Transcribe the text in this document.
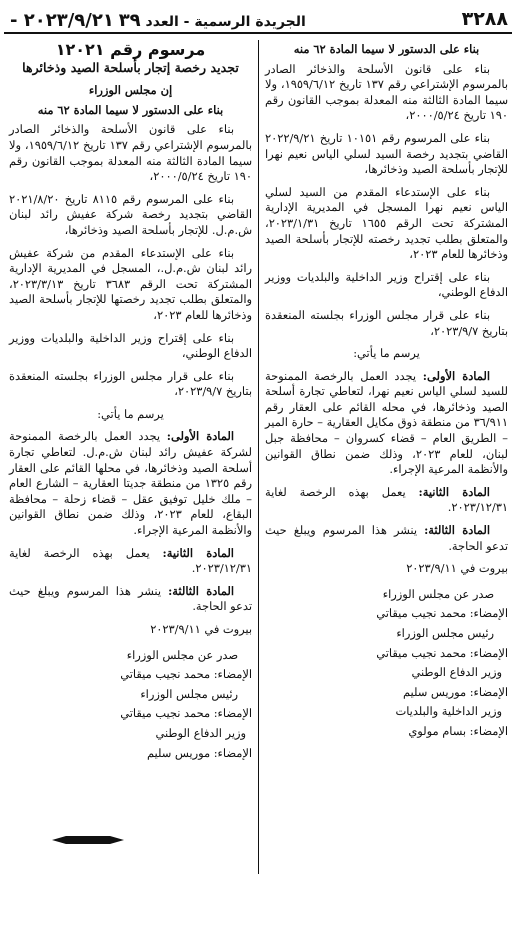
٣٢٨٨
الجريدة الرسمية - العدد ٣٩ ٢٠٢٣/٩/٢١ -

بناء على الدستور لا سيما المادة ٦٢ منه

بناء على قانون الأسلحة والذخائر الصادر بالمرسوم الإشتراعي رقم ١٣٧ تاريخ ١٩٥٩/٦/١٢، ولا سيما المادة الثالثة منه المعدلة بموجب القانون رقم ١٩٠ تاريخ ٢٠٠٠/٥/٢٤،

بناء على المرسوم رقم ١٠١٥١ تاريخ ٢٠٢٢/٩/٢١ القاضي بتجديد رخصة السيد لسلي الياس نعيم نهرا للإتجار بأسلحة الصيد وذخائرها،

بناء على الإستدعاء المقدم من السيد لسلي الياس نعيم نهرا المسجل في المديرية الإدارية المشتركة تحت الرقم ١٦٥٥ تاريخ ٢٠٢٣/١/٣١، والمتعلق بطلب تجديد رخصته للإتجار بأسلحة الصيد وذخائرها للعام ٢٠٢٣،

بناء على إقتراح وزير الداخلية والبلديات ووزير الدفاع الوطني،

بناء على قرار مجلس الوزراء بجلسته المنعقدة بتاريخ ٢٠٢٣/٩/٧،

يرسم ما يأتي:

المادة الأولى: يجدد العمل بالرخصة الممنوحة للسيد لسلي الياس نعيم نهرا، لتعاطي تجارة أسلحة الصيد وذخائرها، في محله القائم على العقار رقم ٣٦/٩١١ من منطقة ذوق مكايل العقارية – حارة المير – الطريق العام – قضاء كسروان – محافظة جبل لبنان، للعام ٢٠٢٣، وذلك ضمن نطاق القوانين والأنظمة المرعية الإجراء.

المادة الثانية: يعمل بهذه الرخصة لغاية ٢٠٢٣/١٢/٣١.

المادة الثالثة: ينشر هذا المرسوم ويبلغ حيث تدعو الحاجة.

بيروت في ٢٠٢٣/٩/١١

صدر عن مجلس الوزراء

الإمضاء: محمد نجيب ميقاتي

رئيس مجلس الوزراء

الإمضاء: محمد نجيب ميقاتي

وزير الدفاع الوطني

الإمضاء: موريس سليم

وزير الداخلية والبلديات

الإمضاء: بسام مولوي

مرسوم رقم ١٢٠٢١

تجديد رخصة إتجار بأسلحة الصيد وذخائرها

إن مجلس الوزراء

بناء على الدستور لا سيما المادة ٦٢ منه

بناء على قانون الأسلحة والذخائر الصادر بالمرسوم الإشتراعي رقم ١٣٧ تاريخ ١٩٥٩/٦/١٢، ولا سيما المادة الثالثة منه المعدلة بموجب القانون رقم ١٩٠ تاريخ ٢٠٠٠/٥/٢٤،

بناء على المرسوم رقم ٨١١٥ تاريخ ٢٠٢١/٨/٢٠ القاضي بتجديد رخصة شركة عفيش رائد لبنان ش.م.ل. للإتجار بأسلحة الصيد وذخائرها،

بناء على الإستدعاء المقدم من شركة عفيش رائد لبنان ش.م.ل.، المسجل في المديرية الإدارية المشتركة تحت الرقم ٣٦٨٣ تاريخ ٢٠٢٣/٣/١٣، والمتعلق بطلب تجديد رخصتها للإتجار بأسلحة الصيد وذخائرها للعام ٢٠٢٣،

بناء على إقتراح وزير الداخلية والبلديات ووزير الدفاع الوطني،

بناء على قرار مجلس الوزراء بجلسته المنعقدة بتاريخ ٢٠٢٣/٩/٧،

يرسم ما يأتي:

المادة الأولى: يجدد العمل بالرخصة الممنوحة لشركة عفيش رائد لبنان ش.م.ل. لتعاطي تجارة أسلحة الصيد وذخائرها، في محلها القائم على العقار رقم ١٣٢٥ من منطقة جديتا العقارية – الشارع العام – ملك خليل توفيق عقل – قضاء زحلة – محافظة البقاع، للعام ٢٠٢٣، وذلك ضمن نطاق القوانين والأنظمة المرعية الإجراء.

المادة الثانية: يعمل بهذه الرخصة لغاية ٢٠٢٣/١٢/٣١.

المادة الثالثة: ينشر هذا المرسوم ويبلغ حيث تدعو الحاجة.

بيروت في ٢٠٢٣/٩/١١

صدر عن مجلس الوزراء

الإمضاء: محمد نجيب ميقاتي

رئيس مجلس الوزراء

الإمضاء: محمد نجيب ميقاتي

وزير الدفاع الوطني

الإمضاء: موريس سليم
